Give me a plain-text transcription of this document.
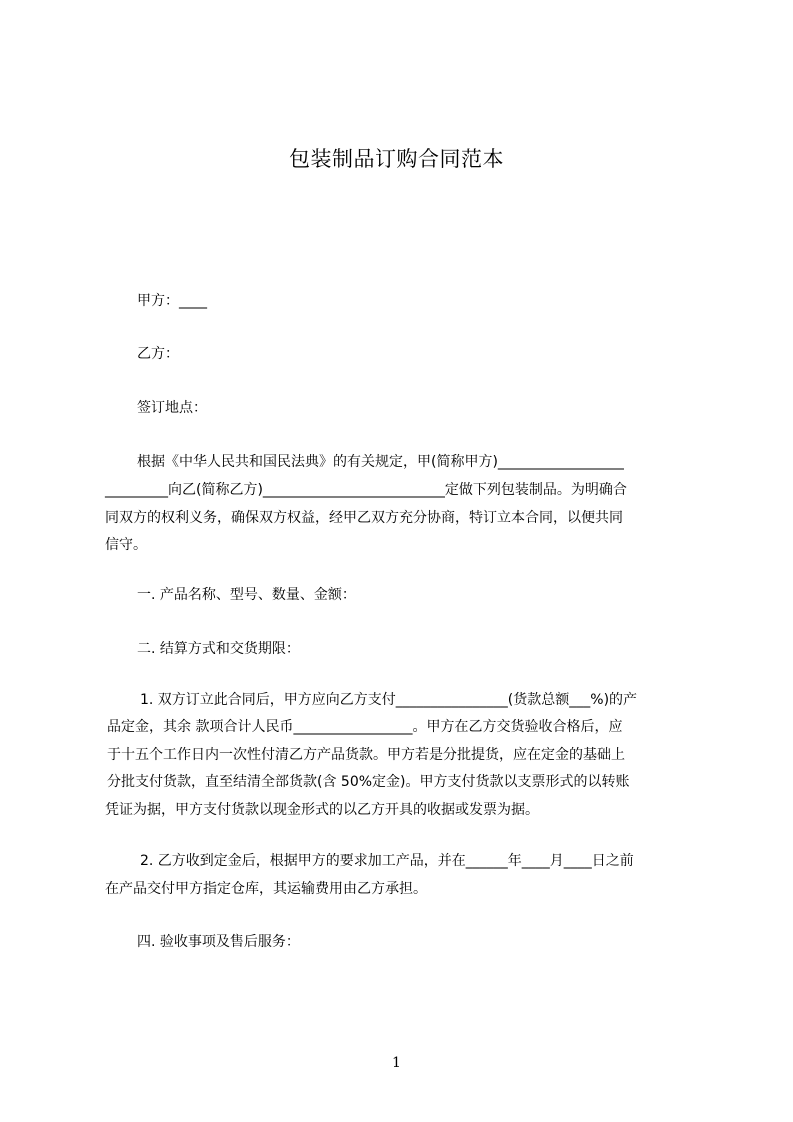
包装制品订购合同范本
甲方：____
乙方：
签订地点：
根据《中华人民共和国民法典》的有关规定，甲(简称甲方)__________________
_________向乙(简称乙方)__________________________定做下列包装制品。为明确合
同双方的权利义务，确保双方权益，经甲乙双方充分协商，特订立本合同，以便共同
信守。
一. 产品名称、型号、数量、金额：
二. 结算方式和交货期限：
1. 双方订立此合同后，甲方应向乙方支付________________(货款总额___%)的产
品定金，其余 款项合计人民币_________________。甲方在乙方交货验收合格后，应
于十五个工作日内一次性付清乙方产品货款。甲方若是分批提货，应在定金的基础上
分批支付货款，直至结清全部货款(含 50%定金)。甲方支付货款以支票形式的以转账
凭证为据，甲方支付货款以现金形式的以乙方开具的收据或发票为据。
2. 乙方收到定金后，根据甲方的要求加工产品，并在______年____月____日之前
在产品交付甲方指定仓库，其运输费用由乙方承担。
四. 验收事项及售后服务：
1
